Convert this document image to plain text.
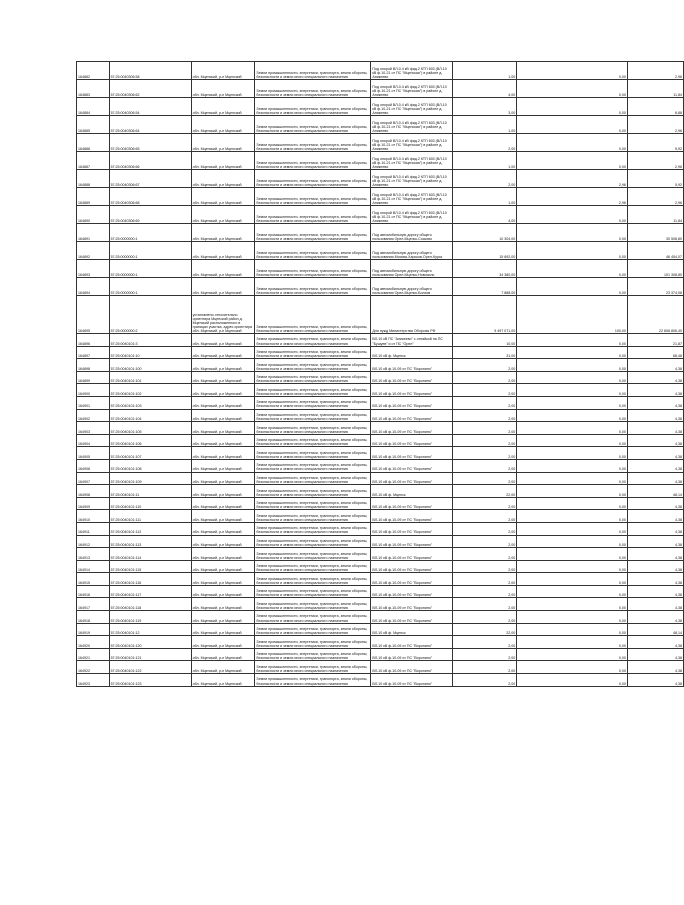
164882	57:25:0040306:58	обл. Мценский, р-н Мценский	Земли промышленности, энергетики, транспорта, земли обороны, безопасности и земли иного специального назначения	Под опорой ВЛ-0.4 кВ фид.2 КТП 603 (ВЛ-10 кВ ф.10-21 от ПС "Мценская") в районе д. Аникеево	1,00	0,00	2,96
164883	57:25:0040306:62	обл. Мценский, р-н Мценский	Земли промышленности, энергетики, транспорта, земли обороны, безопасности и земли иного специального назначения	Под опорой ВЛ-0.4 кВ фид.2 КТП 603 (ВЛ-10 кВ ф.10-21 от ПС "Мценская") в районе д. Аникеево	4,00	0,00	11,84
164884	57:25:0040306:54	обл. Мценский, р-н Мценский	Земли промышленности, энергетики, транспорта, земли обороны, безопасности и земли иного специального назначения	Под опорой ВЛ-0.4 кВ фид.2 КТП 603 (ВЛ-10 кВ ф.10-21 от ПС "Мценская") в районе д. Аникеево	3,00	0,00	8,88
164885	57:25:0040306:64	обл. Мценский, р-н Мценский	Земли промышленности, энергетики, транспорта, земли обороны, безопасности и земли иного специального назначения	Под опорой ВЛ-0.4 кВ фид.2 КТП 603 (ВЛ-10 кВ ф.10-21 от ПС "Мценская") в районе д. Аникеево	1,00	0,00	2,96
164886	57:25:0040306:65	обл. Мценский, р-н Мценский	Земли промышленности, энергетики, транспорта, земли обороны, безопасности и земли иного специального назначения	Под опорой ВЛ-0.4 кВ фид.2 КТП 603 (ВЛ-10 кВ ф.10-21 от ПС "Мценская") в районе д. Аникеево	2,00	0,00	5,92
164887	57:25:0040306:66	обл. Мценский, р-н Мценский	Земли промышленности, энергетики, транспорта, земли обороны, безопасности и земли иного специального назначения	Под опорой ВЛ-0.4 кВ фид.2 КТП 603 (ВЛ-10 кВ ф.10-21 от ПС "Мценская") в районе д. Аникеево	1,00	0,00	2,96
164888	57:25:0040306:67	обл. Мценский, р-н Мценский	Земли промышленности, энергетики, транспорта, земли обороны, безопасности и земли иного специального назначения	Под опорой ВЛ-0.4 кВ фид.2 КТП 603 (ВЛ-10 кВ ф.10-21 от ПС "Мценская") в районе д. Аникеево	2,00	2,96	5,92
164889	57:25:0040306:68	обл. Мценский, р-н Мценский	Земли промышленности, энергетики, транспорта, земли обороны, безопасности и земли иного специального назначения	Под опорой ВЛ-0.4 кВ фид.2 КТП 603 (ВЛ-10 кВ ф.10-21 от ПС "Мценская") в районе д. Аникеево	1,00	2,96	2,96
164890	57:25:0040306:69	обл. Мценский, р-н Мценский	Земли промышленности, энергетики, транспорта, земли обороны, безопасности и земли иного специального назначения	Под опорой ВЛ-0.4 кВ фид.2 КТП 603 (ВЛ-10 кВ ф.10-21 от ПС "Мценская") в районе д. Аникеево	4,00	0,00	11,84
164891	57:25:0000000:1	обл. Мценский, р-н Мценский	Земли промышленности, энергетики, транспорта, земли обороны, безопасности и земли иного специального назначения	Под автомобильную дорогу общего пользования Орел-Мценск-Сосково	10 304,00	0,00	30 508,80
164892	57:25:0000000:1	обл. Мценский, р-н Мценский	Земли промышленности, энергетики, транспорта, земли обороны, безопасности и земли иного специального назначения	Под автомобильную дорогу общего пользования Москва-Харьков-Орел-Курск	15 692,00	0,00	46 454,07
164893	57:25:0000000:1	обл. Мценский, р-н Мценский	Земли промышленности, энергетики, транспорта, земли обороны, безопасности и земли иного специального назначения	Под автомобильную дорогу общего пользования Орел-Мценск-Новосиль	34 380,00	0,00	101 308,80
164894	57:25:0000000:1	обл. Мценский, р-н Мценский	Земли промышленности, энергетики, транспорта, земли обороны, безопасности и земли иного специального назначения	Под автомобильную дорогу общего пользования Орел-Мценск-Болхов	7 888,00	0,00	23 374,08
164895	57:25:0000000:2	установлено относительно ориентира Мценский район д. Мценский расположенного в границах участка, адрес ориентира обл. Мценский, р-н Мценский	Земли промышленности, энергетики, транспорта, земли обороны, безопасности и земли иного специального назначения	Для нужд Министерства Обороны РФ	9 497 071,00	100,00	22 806 806,40
164896	57:25:0040101:3	обл. Мценский, р-н Мценский	Земли промышленности, энергетики, транспорта, земли обороны, безопасности и земли иного специального назначения	ВЛ-10 кВ ПС "Аникеево" с отпайкой на ПС "Бушуев" и от ПС "Орел"	10,00	0,00	21,87
164897	57:25:0040101:10	обл. Мценский, р-н Мценский	Земли промышленности, энергетики, транспорта, земли обороны, безопасности и земли иного специального назначения	ВЛ-10 кВ ф. Мценск	31,00	0,00	68,48
164898	57:25:0040101:100	обл. Мценский, р-н Мценский	Земли промышленности, энергетики, транспорта, земли обороны, безопасности и земли иного специального назначения	ВЛ-10 кВ ф.10-09 от ПС "Воронино"	2,00	0,00	4,38
164899	57:25:0040101:101	обл. Мценский, р-н Мценский	Земли промышленности, энергетики, транспорта, земли обороны, безопасности и земли иного специального назначения	ВЛ-10 кВ ф.10-09 от ПС "Воронино"	2,00	0,00	4,38
164900	57:25:0040101:102	обл. Мценский, р-н Мценский	Земли промышленности, энергетики, транспорта, земли обороны, безопасности и земли иного специального назначения	ВЛ-10 кВ ф.10-09 от ПС "Воронино"	2,00	0,00	4,38
164901	57:25:0040101:103	обл. Мценский, р-н Мценский	Земли промышленности, энергетики, транспорта, земли обороны, безопасности и земли иного специального назначения	ВЛ-10 кВ ф.10-09 от ПС "Воронино"	2,00	0,00	4,38
164902	57:25:0040101:104	обл. Мценский, р-н Мценский	Земли промышленности, энергетики, транспорта, земли обороны, безопасности и земли иного специального назначения	ВЛ-10 кВ ф.10-09 от ПС "Воронино"	2,00	0,00	4,38
164903	57:25:0040101:105	обл. Мценский, р-н Мценский	Земли промышленности, энергетики, транспорта, земли обороны, безопасности и земли иного специального назначения	ВЛ-10 кВ ф.10-09 от ПС "Воронино"	2,00	0,00	4,38
164904	57:25:0040101:106	обл. Мценский, р-н Мценский	Земли промышленности, энергетики, транспорта, земли обороны, безопасности и земли иного специального назначения	ВЛ-10 кВ ф.10-09 от ПС "Воронино"	2,00	0,00	4,38
164905	57:25:0040101:107	обл. Мценский, р-н Мценский	Земли промышленности, энергетики, транспорта, земли обороны, безопасности и земли иного специального назначения	ВЛ-10 кВ ф.10-09 от ПС "Воронино"	2,00	0,00	4,38
164906	57:25:0040101:108	обл. Мценский, р-н Мценский	Земли промышленности, энергетики, транспорта, земли обороны, безопасности и земли иного специального назначения	ВЛ-10 кВ ф.10-09 от ПС "Воронино"	2,00	0,00	4,38
164907	57:25:0040101:109	обл. Мценский, р-н Мценский	Земли промышленности, энергетики, транспорта, земли обороны, безопасности и земли иного специального назначения	ВЛ-10 кВ ф.10-09 от ПС "Воронино"	2,00	0,00	4,38
164908	57:25:0040101:11	обл. Мценский, р-н Мценский	Земли промышленности, энергетики, транспорта, земли обороны, безопасности и земли иного специального назначения	ВЛ-10 кВ ф. Мценск	22,00	0,00	48,14
164909	57:25:0040101:110	обл. Мценский, р-н Мценский	Земли промышленности, энергетики, транспорта, земли обороны, безопасности и земли иного специального назначения	ВЛ-10 кВ ф.10-09 от ПС "Воронино"	2,00	0,00	4,38
164910	57:25:0040101:111	обл. Мценский, р-н Мценский	Земли промышленности, энергетики, транспорта, земли обороны, безопасности и земли иного специального назначения	ВЛ-10 кВ ф.10-09 от ПС "Воронино"	2,00	0,00	4,38
164911	57:25:0040101:112	обл. Мценский, р-н Мценский	Земли промышленности, энергетики, транспорта, земли обороны, безопасности и земли иного специального назначения	ВЛ-10 кВ ф.10-09 от ПС "Воронино"	2,00	0,00	4,38
164912	57:25:0040101:113	обл. Мценский, р-н Мценский	Земли промышленности, энергетики, транспорта, земли обороны, безопасности и земли иного специального назначения	ВЛ-10 кВ ф.10-09 от ПС "Воронино"	2,00	0,00	4,38
164913	57:25:0040101:114	обл. Мценский, р-н Мценский	Земли промышленности, энергетики, транспорта, земли обороны, безопасности и земли иного специального назначения	ВЛ-10 кВ ф.10-09 от ПС "Воронино"	2,00	0,00	4,38
164914	57:25:0040101:115	обл. Мценский, р-н Мценский	Земли промышленности, энергетики, транспорта, земли обороны, безопасности и земли иного специального назначения	ВЛ-10 кВ ф.10-09 от ПС "Воронино"	2,00	0,00	4,38
164915	57:25:0040101:116	обл. Мценский, р-н Мценский	Земли промышленности, энергетики, транспорта, земли обороны, безопасности и земли иного специального назначения	ВЛ-10 кВ ф.10-09 от ПС "Воронино"	2,00	0,00	4,38
164916	57:25:0040101:117	обл. Мценский, р-н Мценский	Земли промышленности, энергетики, транспорта, земли обороны, безопасности и земли иного специального назначения	ВЛ-10 кВ ф.10-09 от ПС "Воронино"	2,00	0,00	4,38
164917	57:25:0040101:118	обл. Мценский, р-н Мценский	Земли промышленности, энергетики, транспорта, земли обороны, безопасности и земли иного специального назначения	ВЛ-10 кВ ф.10-09 от ПС "Воронино"	2,00	0,00	4,38
164918	57:25:0040101:119	обл. Мценский, р-н Мценский	Земли промышленности, энергетики, транспорта, земли обороны, безопасности и земли иного специального назначения	ВЛ-10 кВ ф.10-09 от ПС "Воронино"	2,00	0,00	4,38
164919	57:25:0040101:12	обл. Мценский, р-н Мценский	Земли промышленности, энергетики, транспорта, земли обороны, безопасности и земли иного специального назначения	ВЛ-10 кВ ф. Мценск	22,00	0,00	48,14
164920	57:25:0040101:120	обл. Мценский, р-н Мценский	Земли промышленности, энергетики, транспорта, земли обороны, безопасности и земли иного специального назначения	ВЛ-10 кВ ф.10-09 от ПС "Воронино"	2,00	0,00	4,38
164921	57:25:0040101:121	обл. Мценский, р-н Мценский	Земли промышленности, энергетики, транспорта, земли обороны, безопасности и земли иного специального назначения	ВЛ-10 кВ ф.10-09 от ПС "Воронино"	2,00	0,00	4,38
164922	57:25:0040101:122	обл. Мценский, р-н Мценский	Земли промышленности, энергетики, транспорта, земли обороны, безопасности и земли иного специального назначения	ВЛ-10 кВ ф.10-09 от ПС "Воронино"	2,00	0,00	4,38
164923	57:25:0040101:123	обл. Мценский, р-н Мценский	Земли промышленности, энергетики, транспорта, земли обороны, безопасности и земли иного специального назначения	ВЛ-10 кВ ф.10-09 от ПС "Воронино"	2,00	0,00	4,38
